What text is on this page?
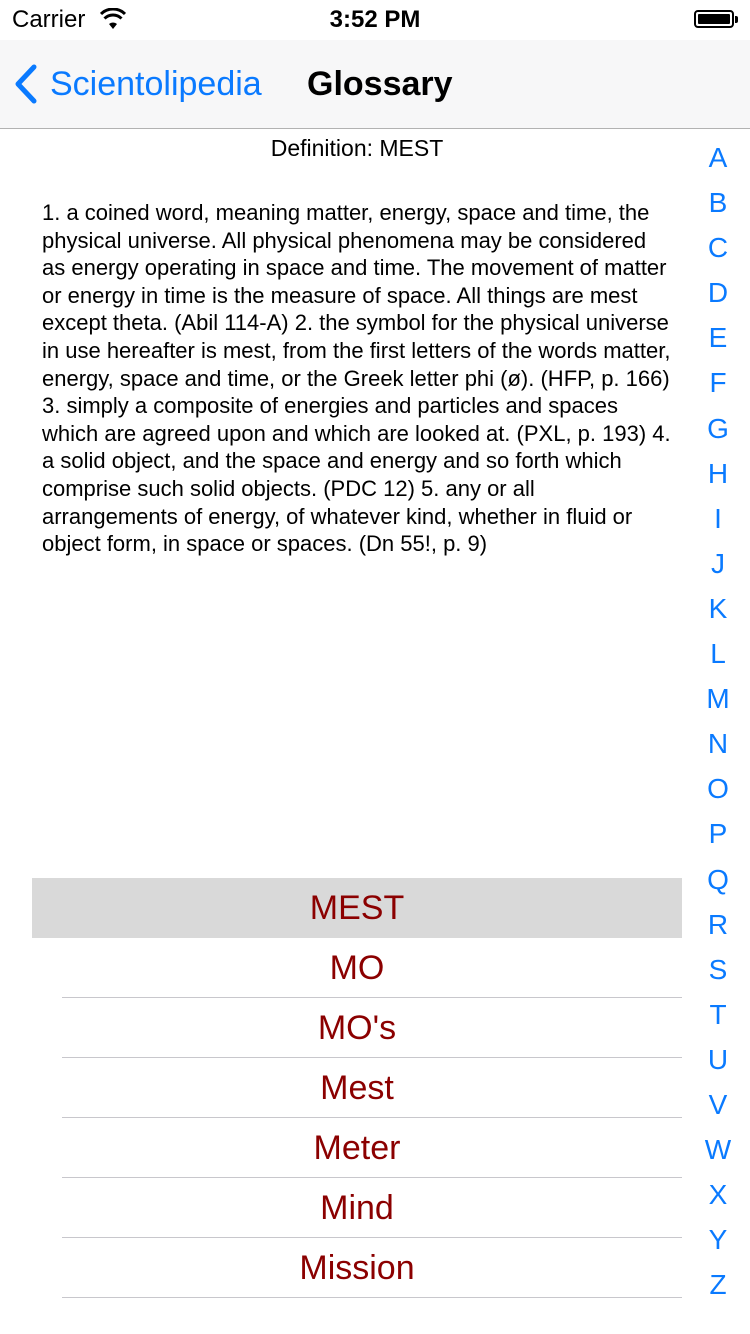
Carrier	3:52 PM
Scientolipedia Glossary
Definition: MEST

1. a coined word, meaning matter, energy, space and time, the physical universe. All physical phenomena may be considered as energy operating in space and time. The movement of matter or energy in time is the measure of space. All things are mest except theta. (Abil 114-A) 2. the symbol for the physical universe in use hereafter is mest, from the first letters of the words matter, energy, space and time, or the Greek letter phi (ø). (HFP, p. 166) 3. simply a composite of energies and particles and spaces which are agreed upon and which are looked at. (PXL, p. 193) 4. a solid object, and the space and energy and so forth which comprise such solid objects. (PDC 12) 5. any or all arrangements of energy, of whatever kind, whether in fluid or object form, in space or spaces. (Dn 55!, p. 9)

MEST
MO
MO's
Mest
Meter
Mind
Mission
A
B
C
D
E
F
G
H
I
J
K
L
M
N
O
P
Q
R
S
T
U
V
W
X
Y
Z
